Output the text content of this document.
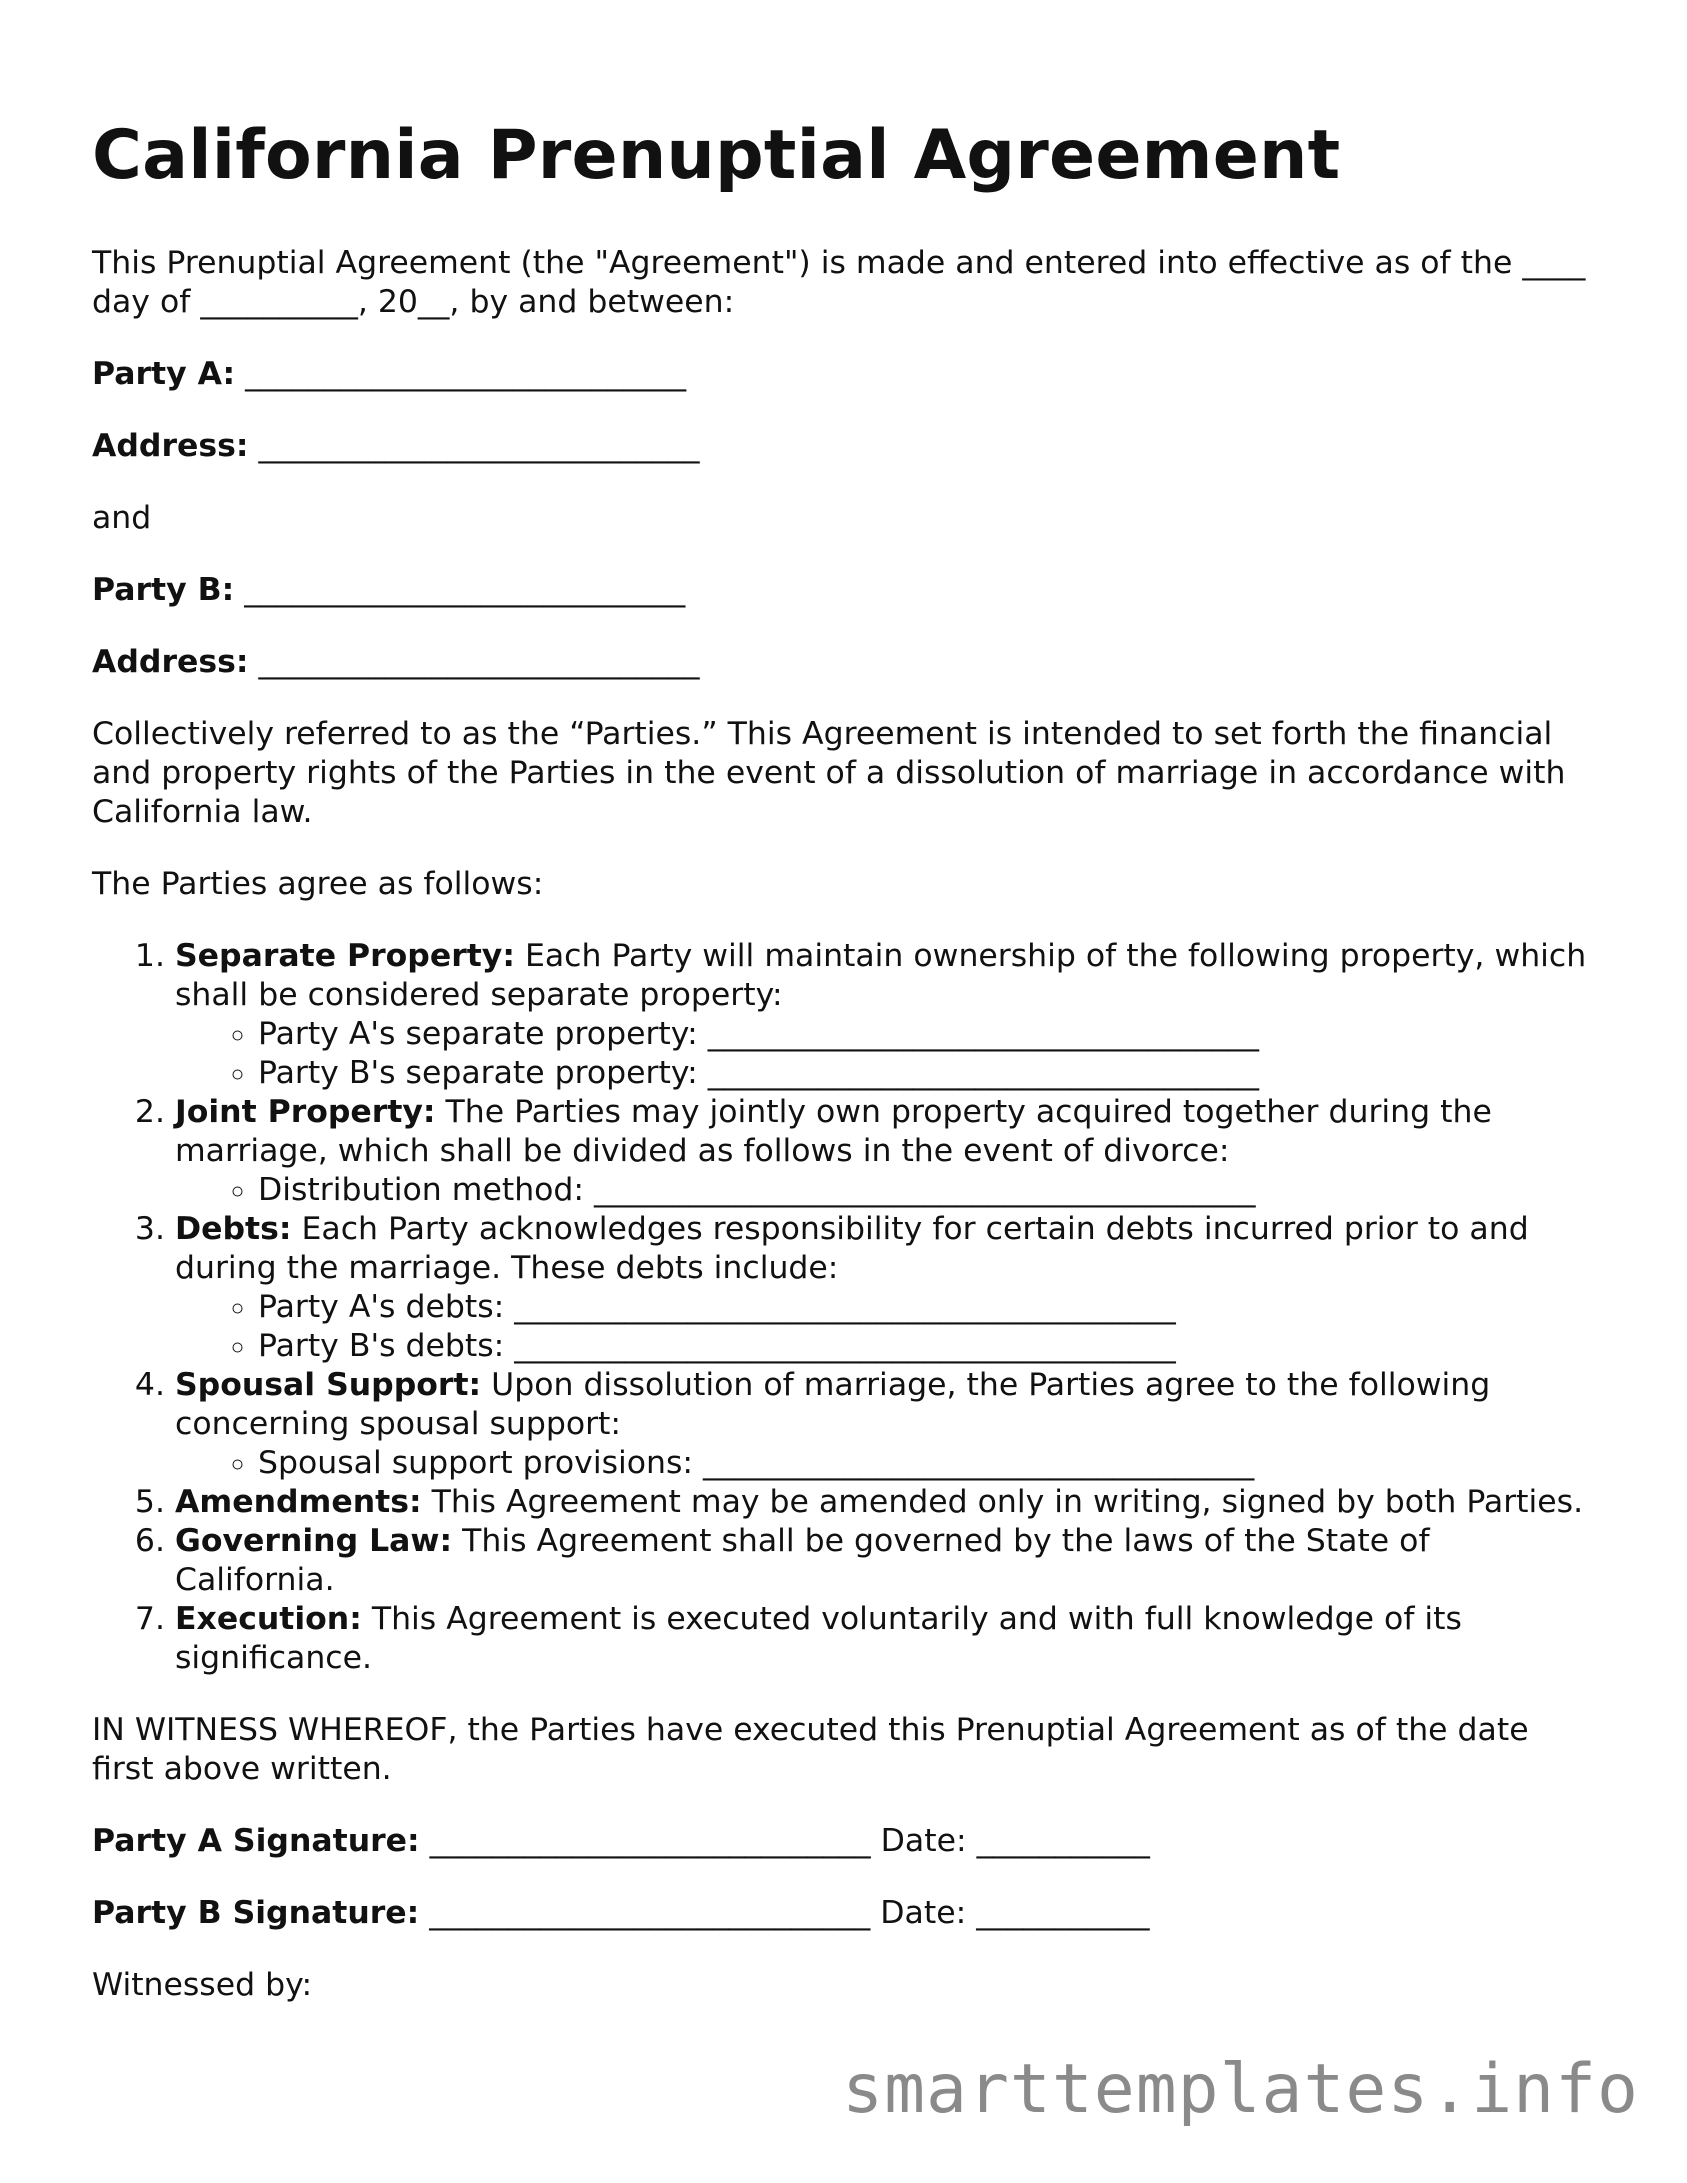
California Prenuptial Agreement

This Prenuptial Agreement (the "Agreement") is made and entered into effective as of the ____ day of __________, 20__, by and between:

Party A: ____________________________

Address: ____________________________

and

Party B: ____________________________

Address: ____________________________

Collectively referred to as the “Parties.” This Agreement is intended to set forth the financial and property rights of the Parties in the event of a dissolution of marriage in accordance with California law.

The Parties agree as follows:

1. Separate Property: Each Party will maintain ownership of the following property, which shall be considered separate property:
◦ Party A's separate property: ___________________________________
◦ Party B's separate property: ___________________________________
2. Joint Property: The Parties may jointly own property acquired together during the marriage, which shall be divided as follows in the event of divorce:
◦ Distribution method: __________________________________________
3. Debts: Each Party acknowledges responsibility for certain debts incurred prior to and during the marriage. These debts include:
◦ Party A's debts: __________________________________________
◦ Party B's debts: __________________________________________
4. Spousal Support: Upon dissolution of marriage, the Parties agree to the following concerning spousal support:
◦ Spousal support provisions: ___________________________________
5. Amendments: This Agreement may be amended only in writing, signed by both Parties.
6. Governing Law: This Agreement shall be governed by the laws of the State of California.
7. Execution: This Agreement is executed voluntarily and with full knowledge of its significance.

IN WITNESS WHEREOF, the Parties have executed this Prenuptial Agreement as of the date first above written.

Party A Signature: ____________________________ Date: ___________

Party B Signature: ____________________________ Date: ___________

Witnessed by:

smarttemplates.info
